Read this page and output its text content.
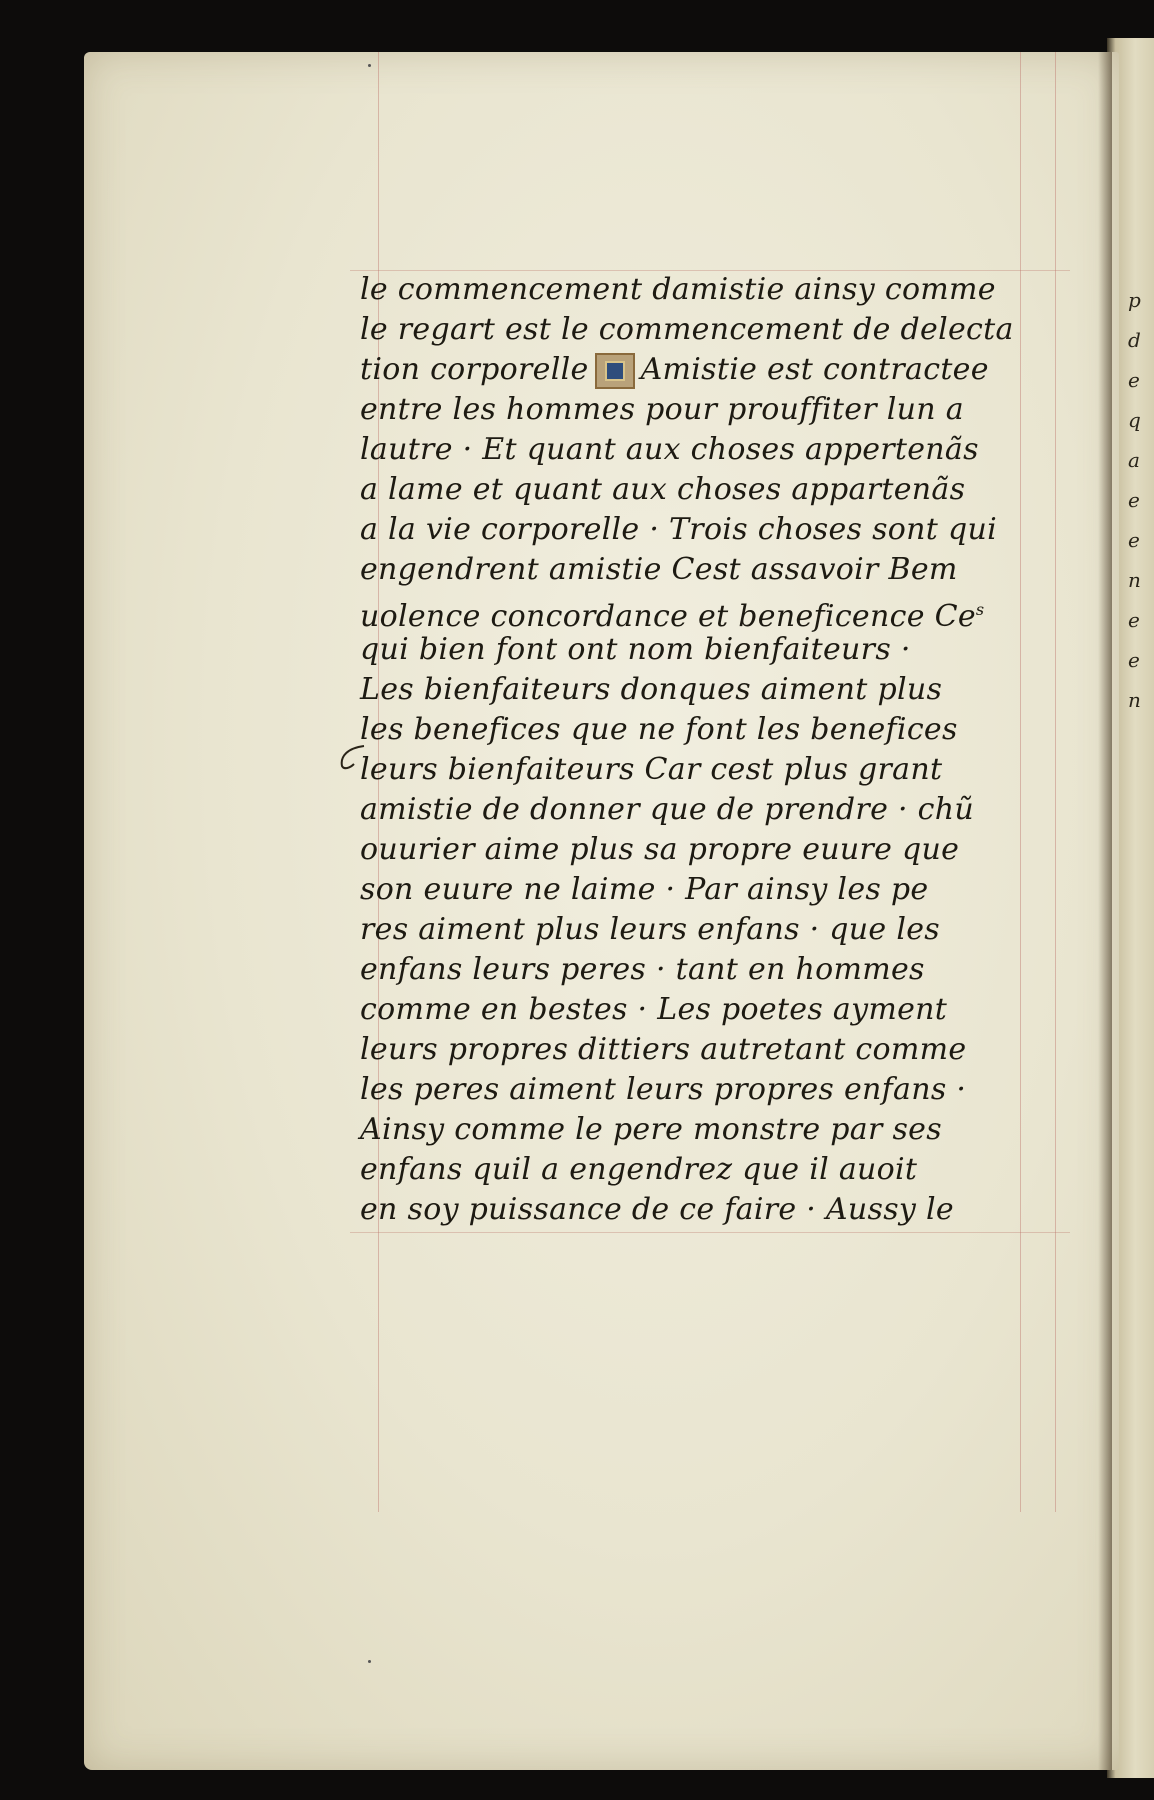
le commencement damistie ainsy comme
le regart est le commencement de delecta
tion corporelle Amistie est contractee
entre les hommes pour prouffiter lun a
lautre · Et quant aux choses appertenãs
a lame et quant aux choses appartenãs
a la vie corporelle · Trois choses sont qui
engendrent amistie Cest assavoir Bem
uolence concordance et beneficence Ce$^s$
qui bien font ont nom bienfaiteurs ·
Les bienfaiteurs donques aiment plus
les benefices que ne font les benefices
leurs bienfaiteurs Car cest plus grant
amistie de donner que de prendre · chũ
ouurier aime plus sa propre euure que
son euure ne laime · Par ainsy les pe
res aiment plus leurs enfans · que les
enfans leurs peres · tant en hommes
comme en bestes · Les poetes ayment
leurs propres dittiers autretant comme
les peres aiment leurs propres enfans ·
Ainsy comme le pere monstre par ses
enfans quil a engendrez que il auoit
en soy puissance de ce faire · Aussy le
p d e q a e e n e e n
